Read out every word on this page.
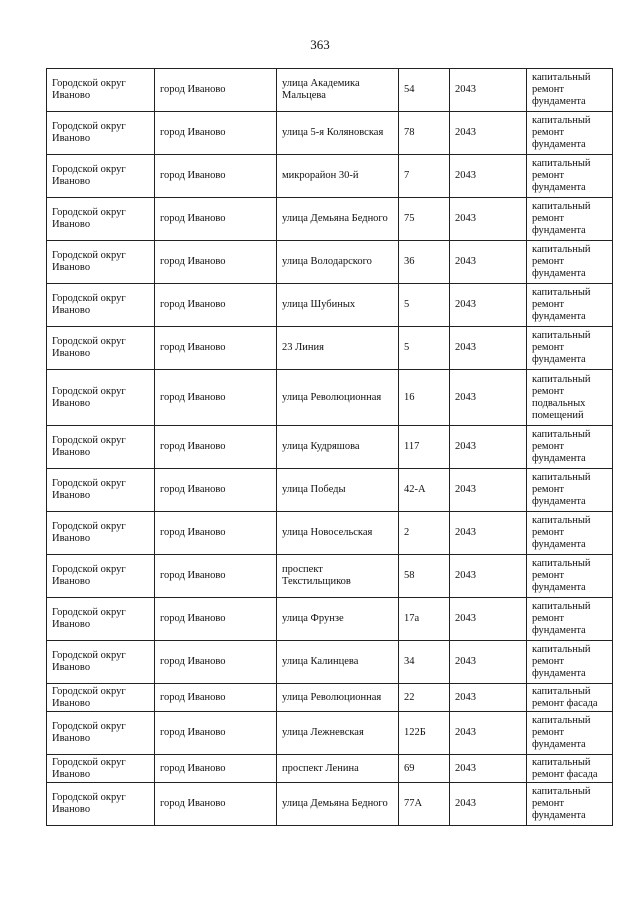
363
Городской округ Иваново	город Иваново	улица Академика Мальцева	54	2043	капитальный ремонт фундамента
Городской округ Иваново	город Иваново	улица 5-я Коляновская	78	2043	капитальный ремонт фундамента
Городской округ Иваново	город Иваново	микрорайон 30-й	7	2043	капитальный ремонт фундамента
Городской округ Иваново	город Иваново	улица Демьяна Бедного	75	2043	капитальный ремонт фундамента
Городской округ Иваново	город Иваново	улица Володарского	36	2043	капитальный ремонт фундамента
Городской округ Иваново	город Иваново	улица Шубиных	5	2043	капитальный ремонт фундамента
Городской округ Иваново	город Иваново	23 Линия	5	2043	капитальный ремонт фундамента
Городской округ Иваново	город Иваново	улица Революционная	16	2043	капитальный ремонт подвальных помещений
Городской округ Иваново	город Иваново	улица Кудряшова	117	2043	капитальный ремонт фундамента
Городской округ Иваново	город Иваново	улица Победы	42-А	2043	капитальный ремонт фундамента
Городской округ Иваново	город Иваново	улица Новосельская	2	2043	капитальный ремонт фундамента
Городской округ Иваново	город Иваново	проспект Текстильщиков	58	2043	капитальный ремонт фундамента
Городской округ Иваново	город Иваново	улица Фрунзе	17а	2043	капитальный ремонт фундамента
Городской округ Иваново	город Иваново	улица Калинцева	34	2043	капитальный ремонт фундамента
Городской округ Иваново	город Иваново	улица Революционная	22	2043	капитальный ремонт фасада
Городской округ Иваново	город Иваново	улица Лежневская	122Б	2043	капитальный ремонт фундамента
Городской округ Иваново	город Иваново	проспект Ленина	69	2043	капитальный ремонт фасада
Городской округ Иваново	город Иваново	улица Демьяна Бедного	77А	2043	капитальный ремонт фундамента
